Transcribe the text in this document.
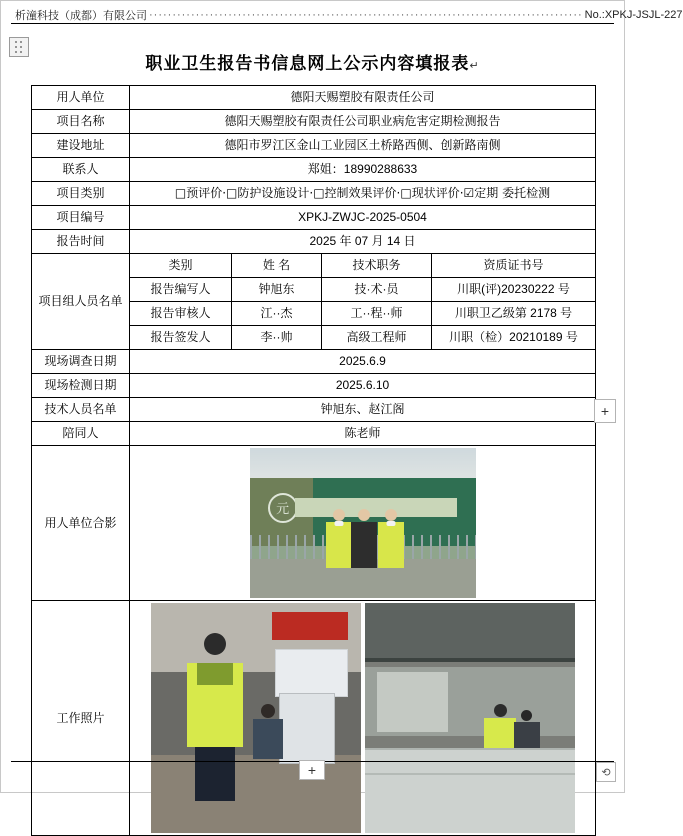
析潼科技（成都）有限公司 ····························································································· No.:XPKJ-JSJL-227
职业卫生报告书信息网上公示内容填报表↵
用人单位	德阳天赐塑胶有限责任公司			
项目名称	德阳天赐塑胶有限责任公司职业病危害定期检测报告			
建设地址	德阳市罗江区金山工业园区土桥路西侧、创新路南侧			
联系人	郑姐：18990288633			
项目类别	□预评价·□防护设施设计·□控制效果评价·□现状评价·☑定期 委托检测			
项目编号	XPKJ-ZWJC-2025-0504			
报告时间	2025 年 07 月 14 日			
项目组人员名单	类别	姓 名	技术职务	资质证书号
	报告编写人	钟旭东	技·术·员	川职(评)20230222 号
	报告审核人	江··杰	工··程··师	川职卫乙级第 2178 号
	报告签发人	李··帅	高级工程师	川职（检）20210189 号
现场调查日期	2025.6.9			
现场检测日期	2025.6.10			
技术人员名单	钟旭东、赵江阁			
陪同人	陈老师			
用人单位合影	元			

工作照片				
+
+	⟲
